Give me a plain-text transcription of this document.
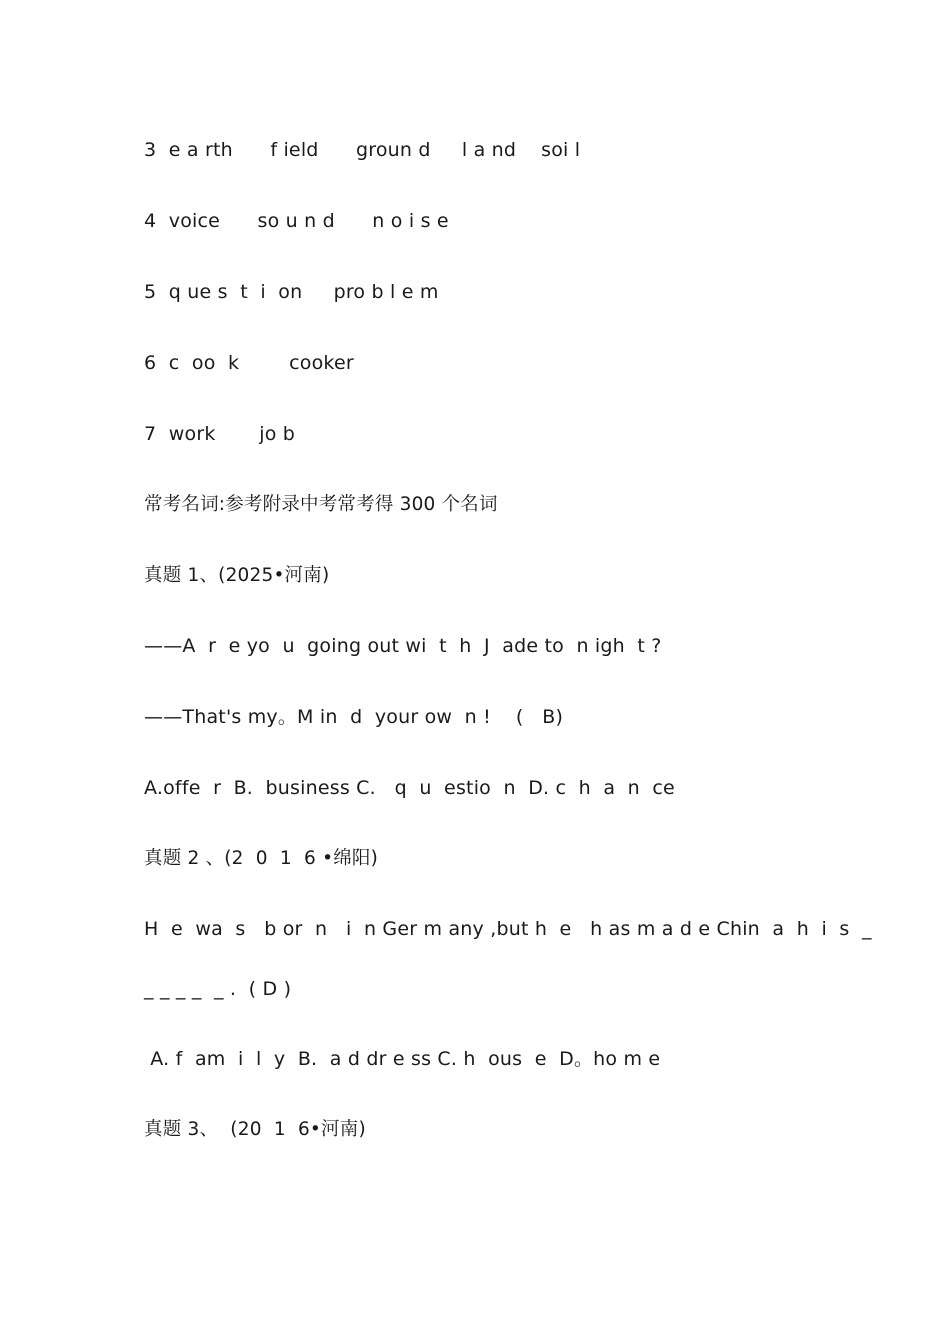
3  e a rth      f ield      groun d     l a nd    soi l
4  voice      so u n d      n o i s e
5  q ue s  t  i  on     pro b l e m
6  c  oo  k        cooker
7  work       jo b
常考名词:参考附录中考常考得 300 个名词
真题 1、(2025•河南)
——A  r  e yo  u  going out wi  t  h  J  ade to  n igh  t ?
——That's my。M in  d  your ow  n !    (   B)
A.offe  r  B.  business C.   q  u  estio  n  D. c  h  a  n  ce
真题 2 、(2  0  1  6 •绵阳)
H  e  wa  s   b or  n   i  n Ger m any ,but h  e   h as m a d e Chin  a  h  i  s  _
_ _ _ _  _ .  ( D )
A. f  am  i  l  y  B.  a d dr e ss C. h  ous  e  D。ho m e
真题 3、  (20  1  6•河南)
